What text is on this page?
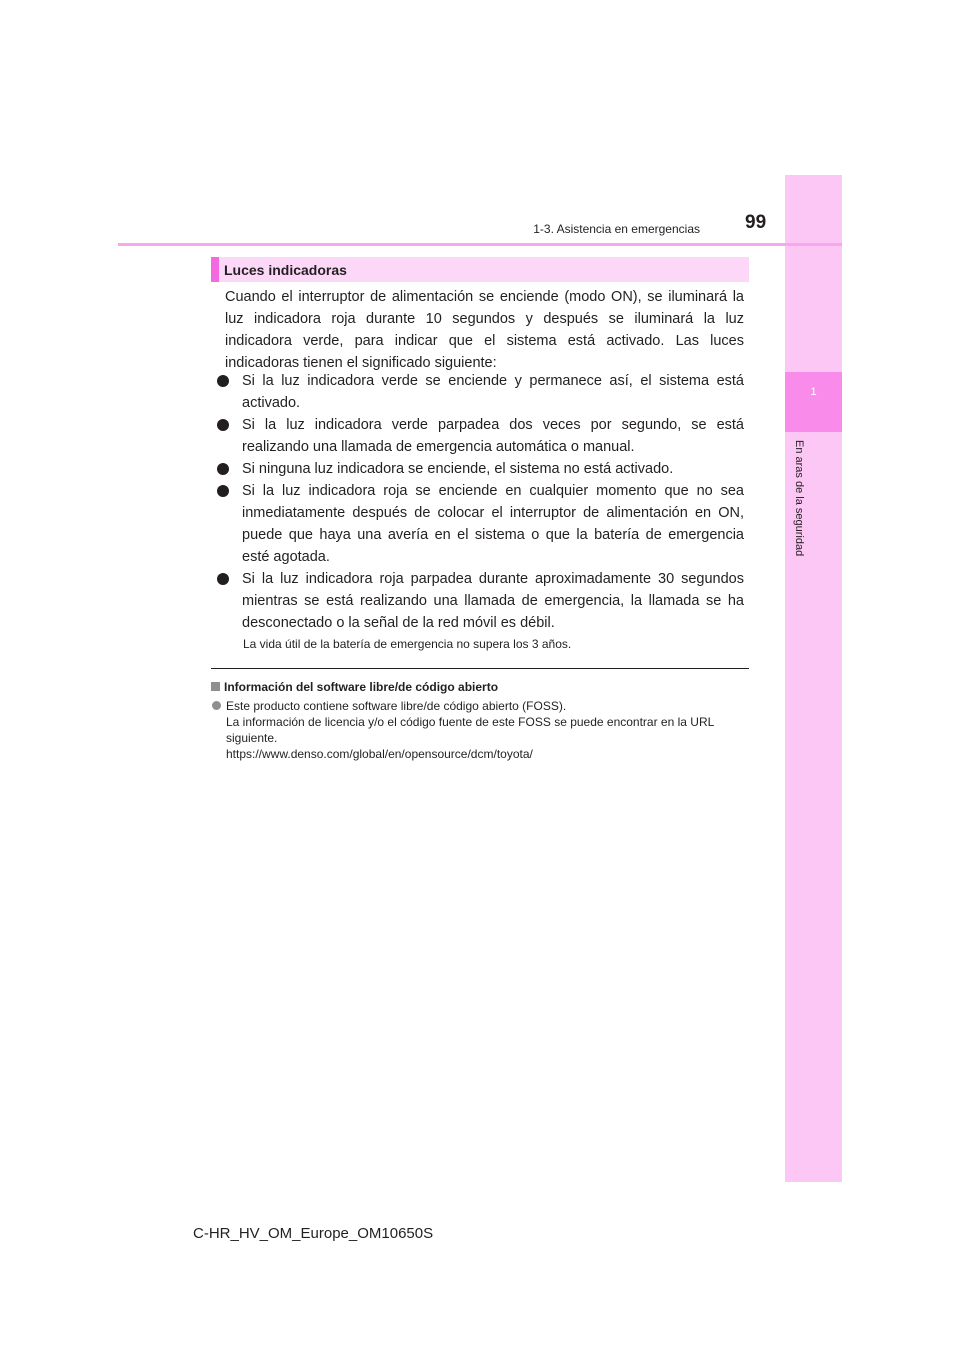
1
En aras de la seguridad
1-3. Asistencia en emergencias 99
Luces indicadoras

Cuando el interruptor de alimentación se enciende (modo ON), se iluminará la luz indicadora roja durante 10 segundos y después se iluminará la luz indicadora verde, para indicar que el sistema está activado. Las luces indicadoras tienen el significado siguiente:

Si la luz indicadora verde se enciende y permanece así, el sistema está activado.
Si la luz indicadora verde parpadea dos veces por segundo, se está realizando una llamada de emergencia automática o manual.
Si ninguna luz indicadora se enciende, el sistema no está activado.
Si la luz indicadora roja se enciende en cualquier momento que no sea inmediatamente después de colocar el interruptor de alimentación en ON, puede que haya una avería en el sistema o que la batería de emergencia esté agotada.
Si la luz indicadora roja parpadea durante aproximadamente 30 segundos mientras se está realizando una llamada de emergencia, la llamada se ha desconectado o la señal de la red móvil es débil.

La vida útil de la batería de emergencia no supera los 3 años.

Información del software libre/de código abierto

Este producto contiene software libre/de código abierto (FOSS).

La información de licencia y/o el código fuente de este FOSS se puede encontrar en la URL siguiente.

https://www.denso.com/global/en/opensource/dcm/toyota/

C-HR_HV_OM_Europe_OM10650S
